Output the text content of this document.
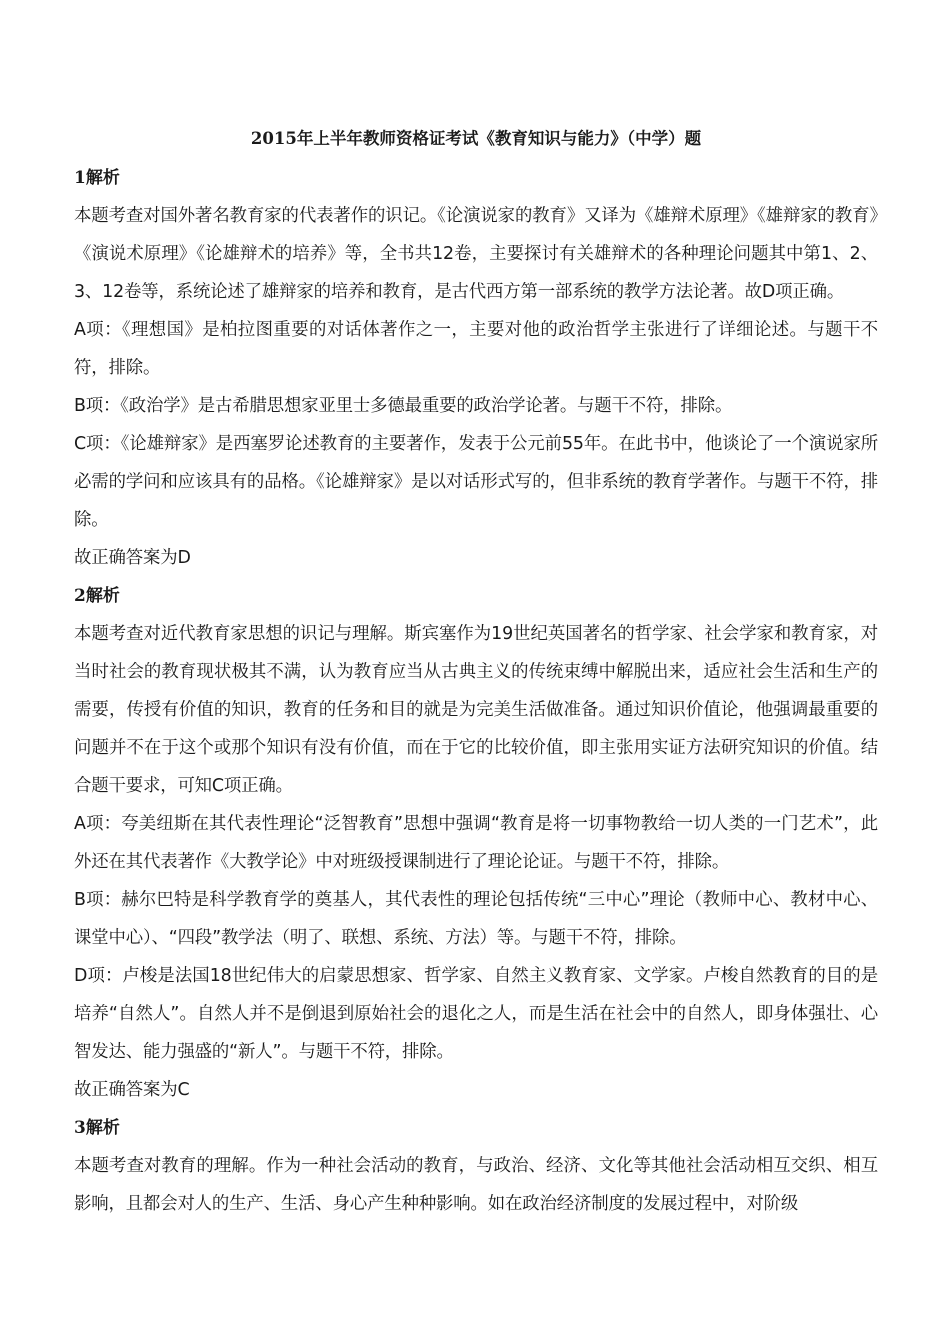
2015年上半年教师资格证考试《教育知识与能力》（中学）题
1解析
本题考查对国外著名教育家的代表著作的识记。《论演说家的教育》又译为《雄辩术原理》《雄辩家的教育》《演说术原理》《论雄辩术的培养》等，全书共12卷，主要探讨有关雄辩术的各种理论问题其中第1、2、3、12卷等，系统论述了雄辩家的培养和教育，是古代西方第一部系统的教学方法论著。故D项正确。
A项：《理想国》是柏拉图重要的对话体著作之一，主要对他的政治哲学主张进行了详细论述。与题干不符，排除。
B项：《政治学》是古希腊思想家亚里士多德最重要的政治学论著。与题干不符，排除。
C项：《论雄辩家》是西塞罗论述教育的主要著作，发表于公元前55年。在此书中，他谈论了一个演说家所必需的学问和应该具有的品格。《论雄辩家》是以对话形式写的，但非系统的教育学著作。与题干不符，排除。
故正确答案为D
2解析
本题考查对近代教育家思想的识记与理解。斯宾塞作为19世纪英国著名的哲学家、社会学家和教育家，对当时社会的教育现状极其不满，认为教育应当从古典主义的传统束缚中解脱出来，适应社会生活和生产的需要，传授有价值的知识，教育的任务和目的就是为完美生活做准备。通过知识价值论，他强调最重要的问题并不在于这个或那个知识有没有价值，而在于它的比较价值，即主张用实证方法研究知识的价值。结合题干要求，可知C项正确。
A项：夸美纽斯在其代表性理论“泛智教育”思想中强调“教育是将一切事物教给一切人类的一门艺术”，此外还在其代表著作《大教学论》中对班级授课制进行了理论论证。与题干不符，排除。
B项：赫尔巴特是科学教育学的奠基人，其代表性的理论包括传统“三中心”理论（教师中心、教材中心、课堂中心）、“四段”教学法（明了、联想、系统、方法）等。与题干不符，排除。
D项：卢梭是法国18世纪伟大的启蒙思想家、哲学家、自然主义教育家、文学家。卢梭自然教育的目的是培养“自然人”。自然人并不是倒退到原始社会的退化之人，而是生活在社会中的自然人，即身体强壮、心智发达、能力强盛的“新人”。与题干不符，排除。
故正确答案为C
3解析
本题考查对教育的理解。作为一种社会活动的教育，与政治、经济、文化等其他社会活动相互交织、相互影响，且都会对人的生产、生活、身心产生种种影响。如在政治经济制度的发展过程中，对阶级
